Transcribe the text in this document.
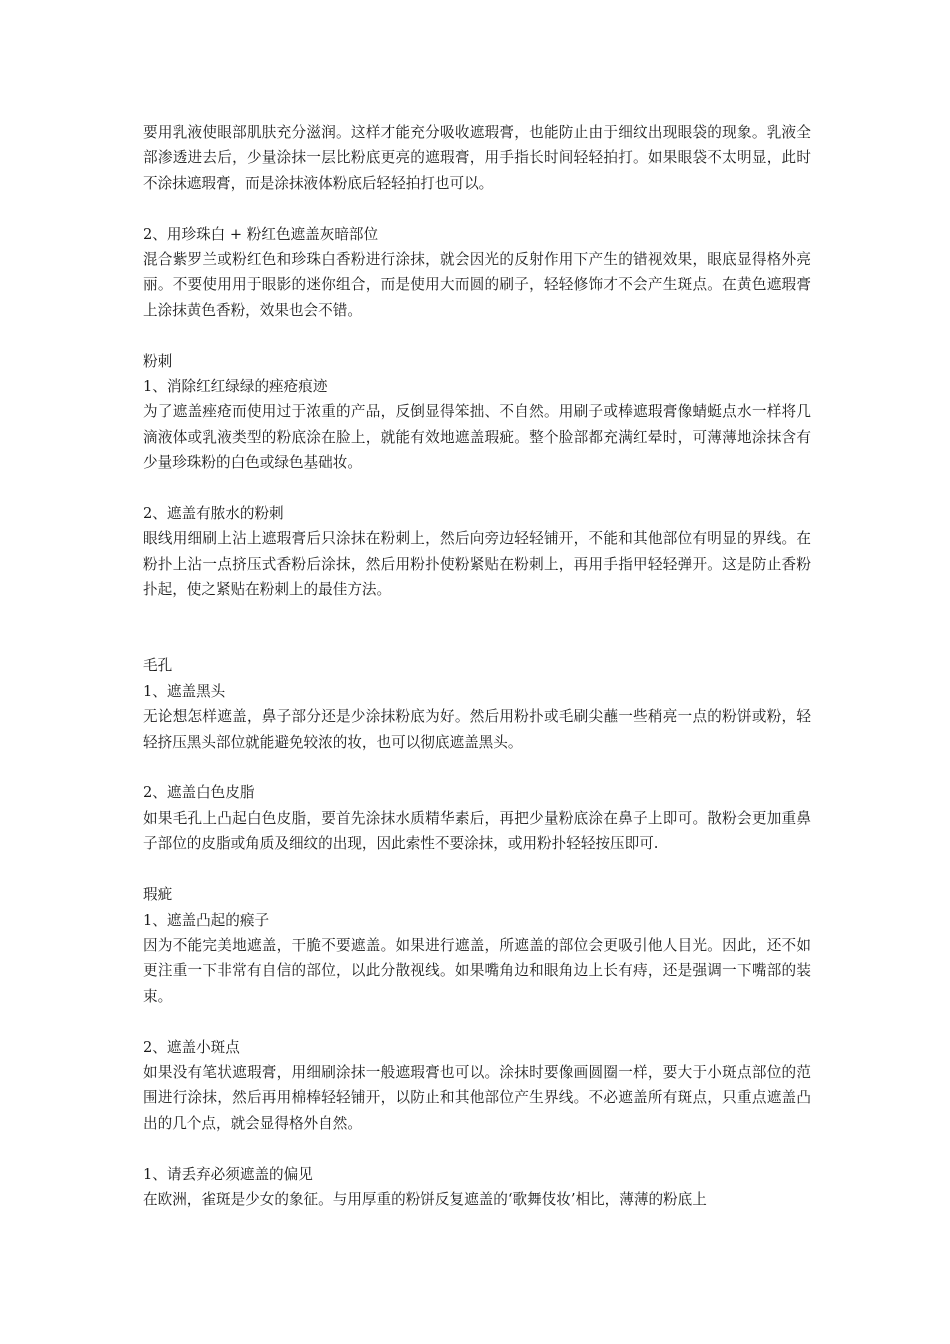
要用乳液使眼部肌肤充分滋润。这样才能充分吸收遮瑕膏，也能防止由于细纹出现眼袋的现象。乳液全部渗透进去后，少量涂抹一层比粉底更亮的遮瑕膏，用手指长时间轻轻拍打。如果眼袋不太明显，此时不涂抹遮瑕膏，而是涂抹液体粉底后轻轻拍打也可以。

2、用珍珠白 + 粉红色遮盖灰暗部位

混合紫罗兰或粉红色和珍珠白香粉进行涂抹，就会因光的反射作用下产生的错视效果，眼底显得格外亮丽。不要使用用于眼影的迷你组合，而是使用大而圆的刷子，轻轻修饰才不会产生斑点。在黄色遮瑕膏上涂抹黄色香粉，效果也会不错。

粉刺

1、消除红红绿绿的痤疮痕迹

为了遮盖痤疮而使用过于浓重的产品，反倒显得笨拙、不自然。用刷子或棒遮瑕膏像蜻蜓点水一样将几滴液体或乳液类型的粉底涂在脸上，就能有效地遮盖瑕疵。整个脸部都充满红晕时，可薄薄地涂抹含有少量珍珠粉的白色或绿色基础妆。

2、遮盖有脓水的粉刺

眼线用细刷上沾上遮瑕膏后只涂抹在粉刺上，然后向旁边轻轻铺开，不能和其他部位有明显的界线。在粉扑上沾一点挤压式香粉后涂抹，然后用粉扑使粉紧贴在粉刺上，再用手指甲轻轻弹开。这是防止香粉扑起，使之紧贴在粉刺上的最佳方法。

毛孔

1、遮盖黑头

无论想怎样遮盖，鼻子部分还是少涂抹粉底为好。然后用粉扑或毛刷尖蘸一些稍亮一点的粉饼或粉，轻轻挤压黑头部位就能避免较浓的妆，也可以彻底遮盖黑头。

2、遮盖白色皮脂

如果毛孔上凸起白色皮脂，要首先涂抹水质精华素后，再把少量粉底涂在鼻子上即可。散粉会更加重鼻子部位的皮脂或角质及细纹的出现，因此索性不要涂抹，或用粉扑轻轻按压即可.

瑕疵

1、遮盖凸起的瘊子

因为不能完美地遮盖，干脆不要遮盖。如果进行遮盖，所遮盖的部位会更吸引他人目光。因此，还不如更注重一下非常有自信的部位，以此分散视线。如果嘴角边和眼角边上长有痔，还是强调一下嘴部的装束。

2、遮盖小斑点

如果没有笔状遮瑕膏，用细刷涂抹一般遮瑕膏也可以。涂抹时要像画圆圈一样，要大于小斑点部位的范围进行涂抹，然后再用棉棒轻轻铺开，以防止和其他部位产生界线。不必遮盖所有斑点，只重点遮盖凸出的几个点，就会显得格外自然。

1、请丢弃必须遮盖的偏见

在欧洲，雀斑是少女的象征。与用厚重的粉饼反复遮盖的‘歌舞伎妆’相比，薄薄的粉底上
